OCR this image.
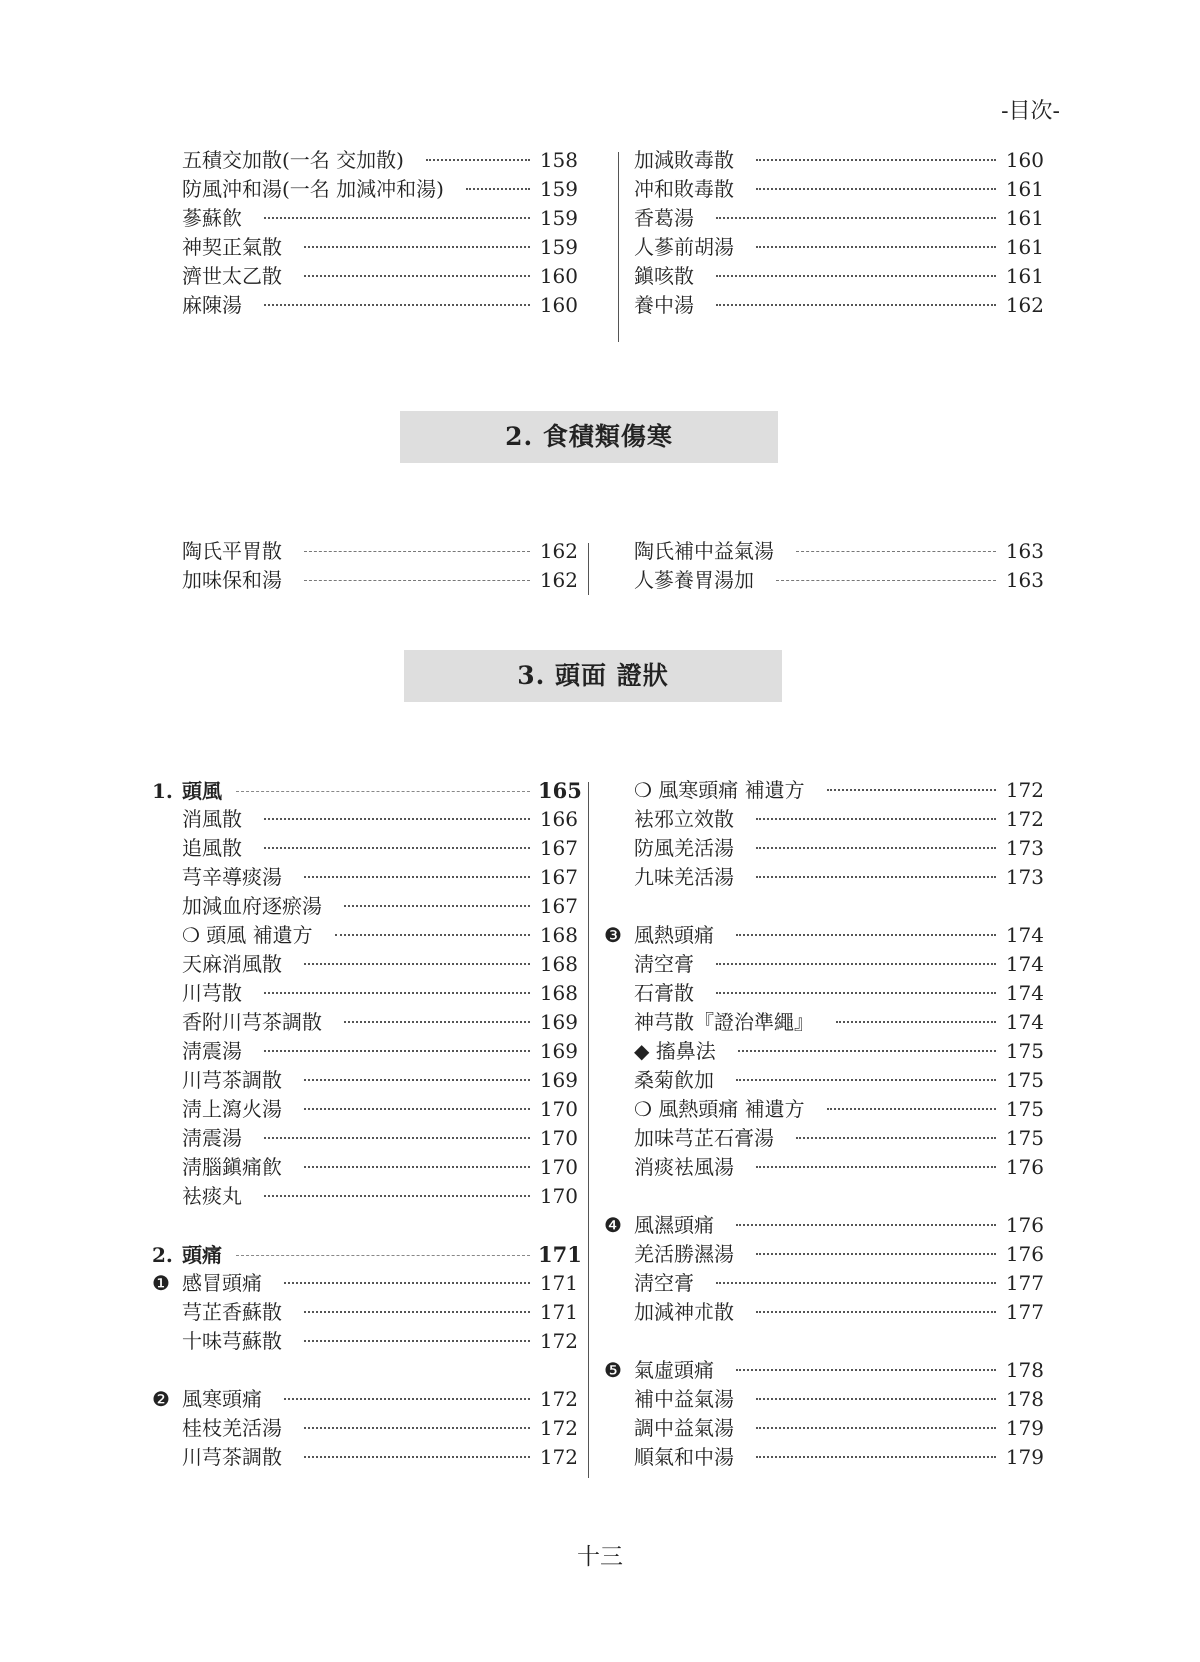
-目次-
五積交加散(一名 交加散)	158
防風沖和湯(一名 加減冲和湯)	159
蔘蘇飮	159
神契正氣散	159
濟世太乙散	160
麻陳湯	160
加減敗毒散	160
冲和敗毒散	161
香葛湯	161
人蔘前胡湯	161
鎭咳散	161
養中湯	162
2. 食積類傷寒
陶氏平胃散	162
加味保和湯	162
陶氏補中益氣湯	163
人蔘養胃湯加	163
3. 頭面 證狀
1. 頭風	165
消風散	166
追風散	167
芎辛導痰湯	167
加減血府逐瘀湯	167
❍ 頭風 補遺方	168
天麻消風散	168
川芎散	168
香附川芎茶調散	169
淸震湯	169
川芎茶調散	169
淸上瀉火湯	170
淸震湯	170
淸腦鎭痛飮	170
袪痰丸	170
2. 頭痛	171
❶ 感冒頭痛	171
芎芷香蘇散	171
十味芎蘇散	172
❷ 風寒頭痛	172
桂枝羌活湯	172
川芎茶調散	172
❍ 風寒頭痛 補遺方	172
袪邪立效散	172
防風羌活湯	173
九味羌活湯	173
❸ 風熱頭痛	174
淸空膏	174
石膏散	174
神芎散『證治準繩』	174
◆ 搐鼻法	175
桑菊飮加	175
❍ 風熱頭痛 補遺方	175
加味芎芷石膏湯	175
消痰袪風湯	176
❹ 風濕頭痛	176
羌活勝濕湯	176
淸空膏	177
加減神朮散	177
❺ 氣虛頭痛	178
補中益氣湯	178
調中益氣湯	179
順氣和中湯	179
十三
